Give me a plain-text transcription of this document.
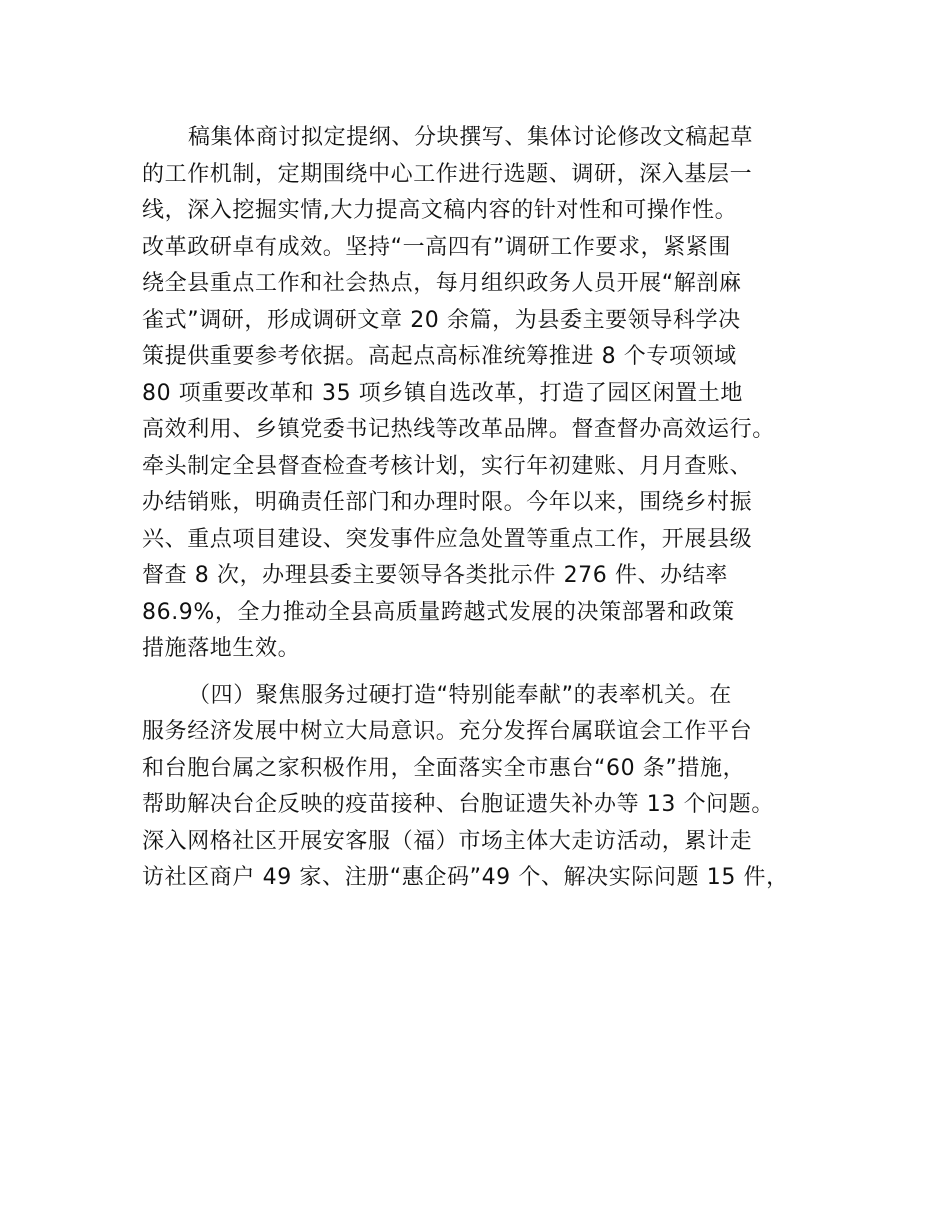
稿集体商讨拟定提纲、分块撰写、集体讨论修改文稿起草
的工作机制，定期围绕中心工作进行选题、调研，深入基层一
线，深入挖掘实情,大力提高文稿内容的针对性和可操作性。
改革政研卓有成效。坚持“一高四有”调研工作要求，紧紧围
绕全县重点工作和社会热点，每月组织政务人员开展“解剖麻
雀式”调研，形成调研文章 20 余篇，为县委主要领导科学决
策提供重要参考依据。高起点高标准统筹推进 8 个专项领域
80 项重要改革和 35 项乡镇自选改革，打造了园区闲置土地
高效利用、乡镇党委书记热线等改革品牌。督查督办高效运行。
牵头制定全县督查检查考核计划，实行年初建账、月月查账、
办结销账，明确责任部门和办理时限。今年以来，围绕乡村振
兴、重点项目建设、突发事件应急处置等重点工作，开展县级
督查 8 次，办理县委主要领导各类批示件 276 件、办结率
86.9%，全力推动全县高质量跨越式发展的决策部署和政策
措施落地生效。
（四）聚焦服务过硬打造“特别能奉献”的表率机关。在
服务经济发展中树立大局意识。充分发挥台属联谊会工作平台
和台胞台属之家积极作用，全面落实全市惠台“60 条”措施，
帮助解决台企反映的疫苗接种、台胞证遗失补办等 13 个问题。
深入网格社区开展安客服（福）市场主体大走访活动，累计走
访社区商户 49 家、注册“惠企码”49 个、解决实际问题 15 件，
